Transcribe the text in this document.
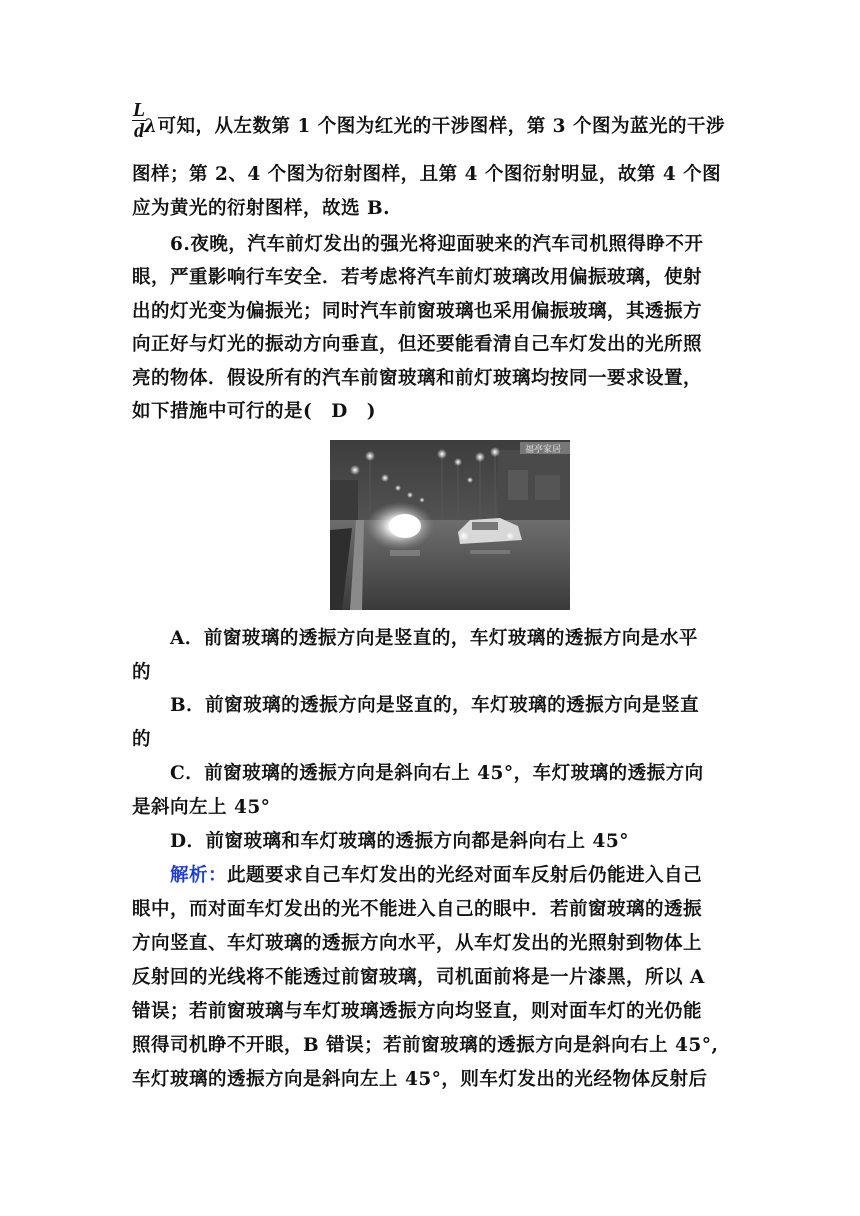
$\frac{L}{d}$
λ可知，从左数第 1 个图为红光的干涉图样，第 3 个图为蓝光的干涉
图样；第 2、4 个图为衍射图样，且第 4 个图衍射明显，故第 4 个图
应为黄光的衍射图样，故选 B.
6.夜晚，汽车前灯发出的强光将迎面驶来的汽车司机照得睁不开
眼，严重影响行车安全．若考虑将汽车前灯玻璃改用偏振玻璃，使射
出的灯光变为偏振光；同时汽车前窗玻璃也采用偏振玻璃，其透振方
向正好与灯光的振动方向垂直，但还要能看清自己车灯发出的光所照
亮的物体．假设所有的汽车前窗玻璃和前灯玻璃均按同一要求设置，
如下措施中可行的是(　D　)
福亭家居
A．前窗玻璃的透振方向是竖直的，车灯玻璃的透振方向是水平
的
B．前窗玻璃的透振方向是竖直的，车灯玻璃的透振方向是竖直
的
C．前窗玻璃的透振方向是斜向右上 45°，车灯玻璃的透振方向
是斜向左上 45°
D．前窗玻璃和车灯玻璃的透振方向都是斜向右上 45°
解析：此题要求自己车灯发出的光经对面车反射后仍能进入自己
眼中，而对面车灯发出的光不能进入自己的眼中．若前窗玻璃的透振
方向竖直、车灯玻璃的透振方向水平，从车灯发出的光照射到物体上
反射回的光线将不能透过前窗玻璃，司机面前将是一片漆黑，所以 A
错误；若前窗玻璃与车灯玻璃透振方向均竖直，则对面车灯的光仍能
照得司机睁不开眼，B 错误；若前窗玻璃的透振方向是斜向右上 45°,
车灯玻璃的透振方向是斜向左上 45°，则车灯发出的光经物体反射后
